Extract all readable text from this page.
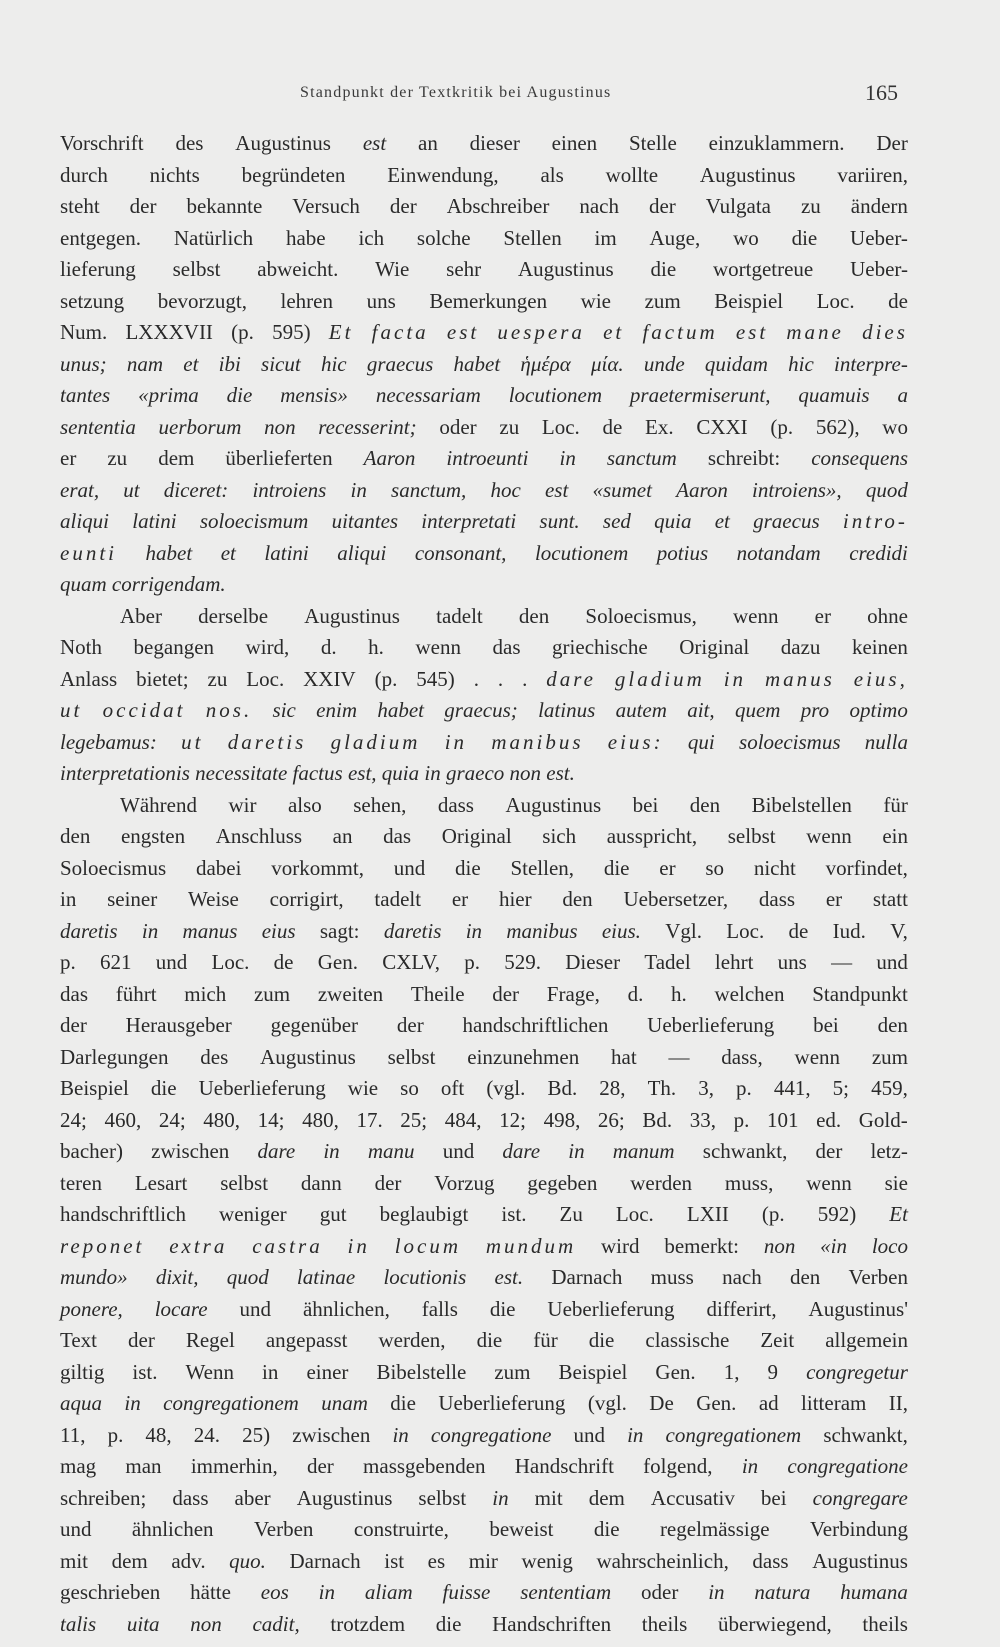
Standpunkt der Textkritik bei Augustinus	165
Vorschrift des Augustinus est an dieser einen Stelle einzuklammern. Der
durch nichts begründeten Einwendung, als wollte Augustinus variiren,
steht der bekannte Versuch der Abschreiber nach der Vulgata zu ändern
entgegen. Natürlich habe ich solche Stellen im Auge, wo die Ueber-
lieferung selbst abweicht. Wie sehr Augustinus die wortgetreue Ueber-
setzung bevorzugt, lehren uns Bemerkungen wie zum Beispiel Loc. de
Num. LXXXVII (p. 595) Et facta est uespera et factum est mane dies
unus; nam et ibi sicut hic graecus habet ἡμέρα μία. unde quidam hic interpre-
tantes «prima die mensis» necessariam locutionem praetermiserunt, quamuis a
sententia uerborum non recesserint; oder zu Loc. de Ex. CXXI (p. 562), wo
er zu dem überlieferten Aaron introeunti in sanctum schreibt: consequens
erat, ut diceret: introiens in sanctum, hoc est «sumet Aaron introiens», quod
aliqui latini soloecismum uitantes interpretati sunt. sed quia et graecus intro-
eunti habet et latini aliqui consonant, locutionem potius notandam credidi
quam corrigendam.
Aber derselbe Augustinus tadelt den Soloecismus, wenn er ohne
Noth begangen wird, d. h. wenn das griechische Original dazu keinen
Anlass bietet; zu Loc. XXIV (p. 545) . . . dare gladium in manus eius,
ut occidat nos. sic enim habet graecus; latinus autem ait, quem pro optimo
legebamus: ut daretis gladium in manibus eius: qui soloecismus nulla
interpretationis necessitate factus est, quia in graeco non est.
Während wir also sehen, dass Augustinus bei den Bibelstellen für
den engsten Anschluss an das Original sich ausspricht, selbst wenn ein
Soloecismus dabei vorkommt, und die Stellen, die er so nicht vorfindet,
in seiner Weise corrigirt, tadelt er hier den Uebersetzer, dass er statt
daretis in manus eius sagt: daretis in manibus eius. Vgl. Loc. de Iud. V,
p. 621 und Loc. de Gen. CXLV, p. 529. Dieser Tadel lehrt uns — und
das führt mich zum zweiten Theile der Frage, d. h. welchen Standpunkt
der Herausgeber gegenüber der handschriftlichen Ueberlieferung bei den
Darlegungen des Augustinus selbst einzunehmen hat — dass, wenn zum
Beispiel die Ueberlieferung wie so oft (vgl. Bd. 28, Th. 3, p. 441, 5; 459,
24; 460, 24; 480, 14; 480, 17. 25; 484, 12; 498, 26; Bd. 33, p. 101 ed. Gold-
bacher) zwischen dare in manu und dare in manum schwankt, der letz-
teren Lesart selbst dann der Vorzug gegeben werden muss, wenn sie
handschriftlich weniger gut beglaubigt ist. Zu Loc. LXII (p. 592) Et
reponet extra castra in locum mundum wird bemerkt: non «in loco
mundo» dixit, quod latinae locutionis est. Darnach muss nach den Verben
ponere, locare und ähnlichen, falls die Ueberlieferung differirt, Augustinus'
Text der Regel angepasst werden, die für die classische Zeit allgemein
giltig ist. Wenn in einer Bibelstelle zum Beispiel Gen. 1, 9 congregetur
aqua in congregationem unam die Ueberlieferung (vgl. De Gen. ad litteram II,
11, p. 48, 24. 25) zwischen in congregatione und in congregationem schwankt,
mag man immerhin, der massgebenden Handschrift folgend, in congregatione
schreiben; dass aber Augustinus selbst in mit dem Accusativ bei congregare
und ähnlichen Verben construirte, beweist die regelmässige Verbindung
mit dem adv. quo. Darnach ist es mir wenig wahrscheinlich, dass Augustinus
geschrieben hätte eos in aliam fuisse sententiam oder in natura humana
talis uita non cadit, trotzdem die Handschriften theils überwiegend, theils
